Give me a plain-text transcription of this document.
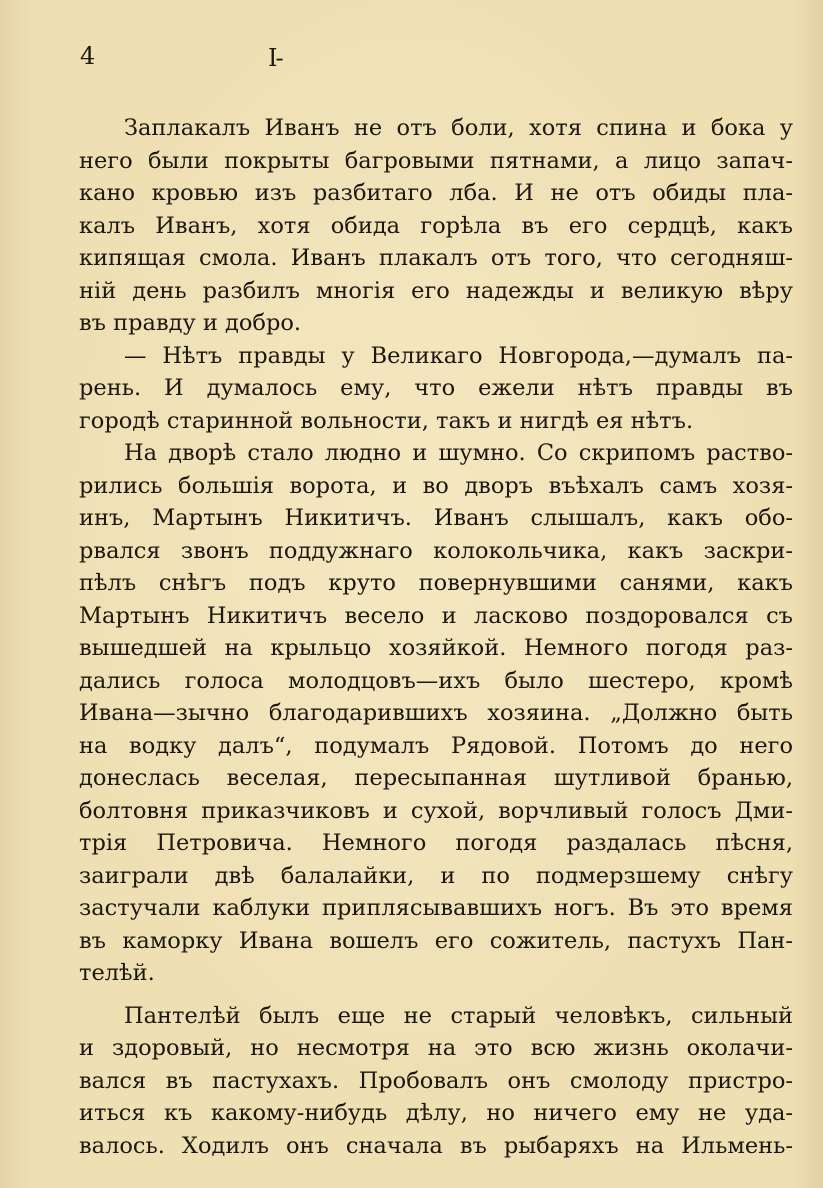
4	I-
Заплакалъ Иванъ не отъ боли, хотя спина и бока у
него были покрыты багровыми пятнами, а лицо запач-
кано кровью изъ разбитаго лба. И не отъ обиды пла-
калъ Иванъ, хотя обида горѣла въ его сердцѣ, какъ
кипящая смола. Иванъ плакалъ отъ того, что сегодняш-
нiй день разбилъ многiя его надежды и великую вѣру
въ правду и добро.
— Нѣтъ правды у Великаго Новгорода,—думалъ па-
рень. И думалось ему, что ежели нѣтъ правды въ
городѣ старинной вольности, такъ и нигдѣ ея нѣтъ.
На дворѣ стало людно и шумно. Со скрипомъ раство-
рились большiя ворота, и во дворъ въѣхалъ самъ хозя-
инъ, Мартынъ Никитичъ. Иванъ слышалъ, какъ обо-
рвался звонъ поддужнаго колокольчика, какъ заскри-
пѣлъ снѣгъ подъ круто повернувшими санями, какъ
Мартынъ Никитичъ весело и ласково поздоровался съ
вышедшей на крыльцо хозяйкой. Немного погодя раз-
дались голоса молодцовъ—ихъ было шестеро, кромѣ
Ивана—зычно благодарившихъ хозяина. „Должно быть
на водку далъ“, подумалъ Рядовой. Потомъ до него
донеслась веселая, пересыпанная шутливой бранью,
болтовня приказчиковъ и сухой, ворчливый голосъ Дми-
трiя Петровича. Немного погодя раздалась пѣсня,
заиграли двѣ балалайки, и по подмерзшему снѣгу
застучали каблуки приплясывавшихъ ногъ. Въ это время
въ каморку Ивана вошелъ его сожитель, пастухъ Пан-
телѣй.
Пантелѣй былъ еще не старый человѣкъ, сильный
и здоровый, но несмотря на это всю жизнь околачи-
вался въ пастухахъ. Пробовалъ онъ смолоду пристро-
иться къ какому-нибудь дѣлу, но ничего ему не уда-
валось. Ходилъ онъ сначала въ рыбаряхъ на Ильмень-
